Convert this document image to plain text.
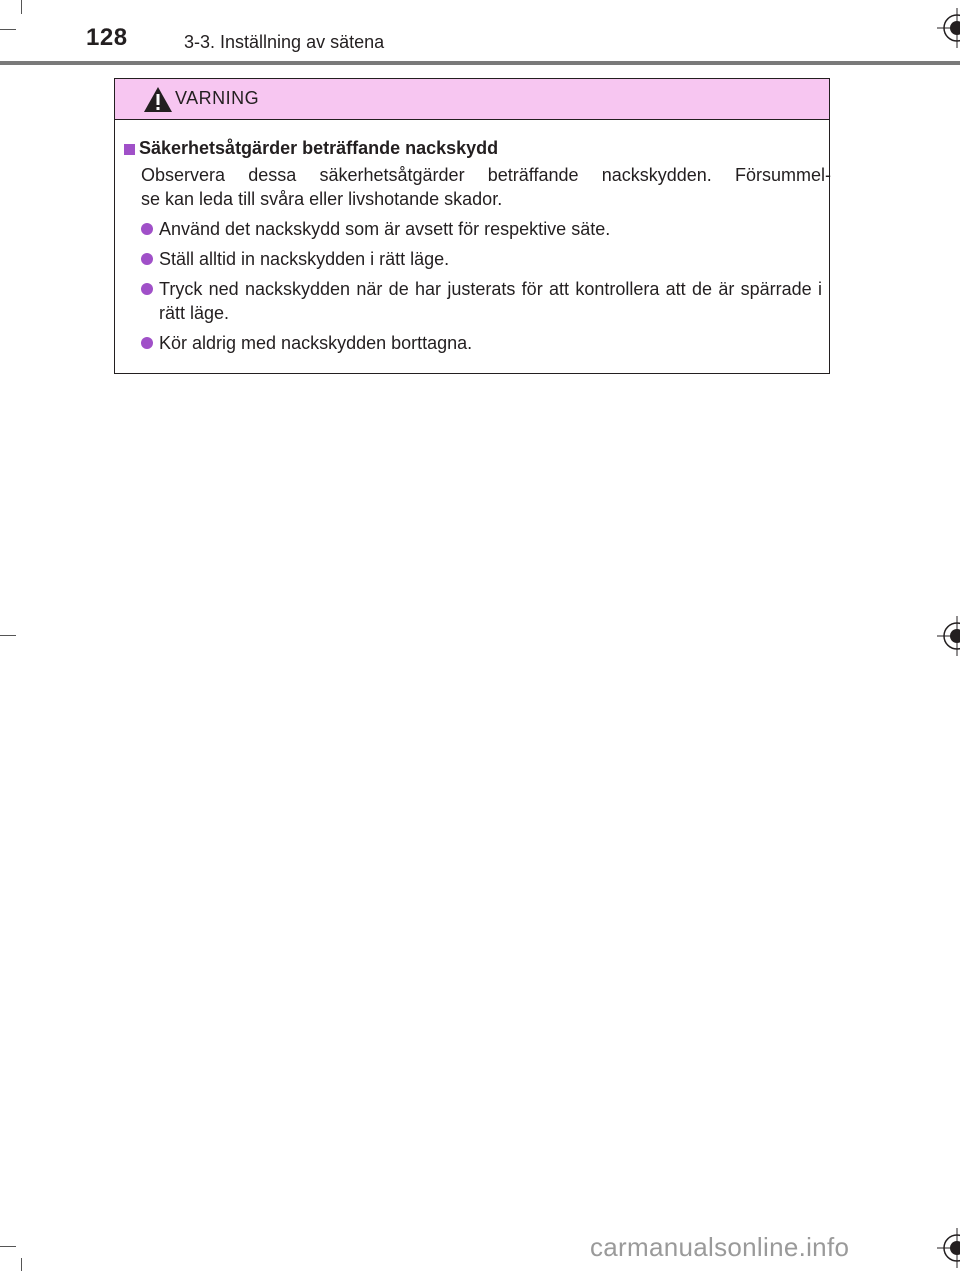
128	3-3. Inställning av sätena
VARNING
Säkerhetsåtgärder beträffande nackskydd
Observera dessa säkerhetsåtgärder beträffande nackskydden. Försummel-
se kan leda till svåra eller livshotande skador.
Använd det nackskydd som är avsett för respektive säte.
Ställ alltid in nackskydden i rätt läge.
Tryck ned nackskydden när de har justerats för att kontrollera att de är spärrade i rätt läge.
Kör aldrig med nackskydden borttagna.
carmanualsonline.info
